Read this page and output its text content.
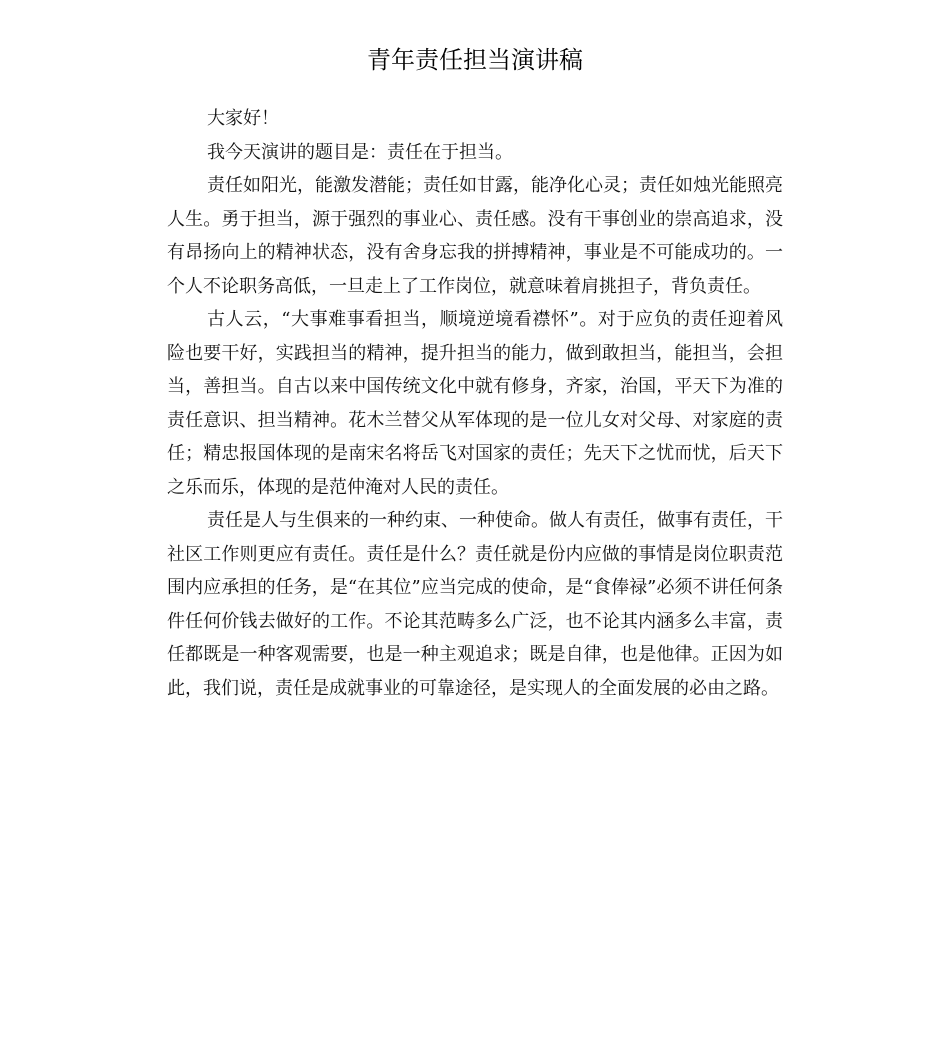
青年责任担当演讲稿

大家好！

我今天演讲的题目是：责任在于担当。

责任如阳光，能激发潜能；责任如甘露，能净化心灵；责任如烛光能照亮人生。勇于担当，源于强烈的事业心、责任感。没有干事创业的崇高追求，没有昂扬向上的精神状态，没有舍身忘我的拼搏精神，事业是不可能成功的。一个人不论职务高低，一旦走上了工作岗位，就意味着肩挑担子，背负责任。

古人云，“大事难事看担当，顺境逆境看襟怀”。对于应负的责任迎着风险也要干好，实践担当的精神，提升担当的能力，做到敢担当，能担当，会担当，善担当。自古以来中国传统文化中就有修身，齐家，治国，平天下为准的责任意识、担当精神。花木兰替父从军体现的是一位儿女对父母、对家庭的责任；精忠报国体现的是南宋名将岳飞对国家的责任；先天下之忧而忧，后天下之乐而乐，体现的是范仲淹对人民的责任。

责任是人与生俱来的一种约束、一种使命。做人有责任，做事有责任，干社区工作则更应有责任。责任是什么？责任就是份内应做的事情是岗位职责范围内应承担的任务，是“在其位”应当完成的使命，是“食俸禄”必须不讲任何条件任何价钱去做好的工作。不论其范畴多么广泛，也不论其内涵多么丰富，责任都既是一种客观需要，也是一种主观追求；既是自律，也是他律。正因为如此，我们说，责任是成就事业的可靠途径，是实现人的全面发展的必由之路。
